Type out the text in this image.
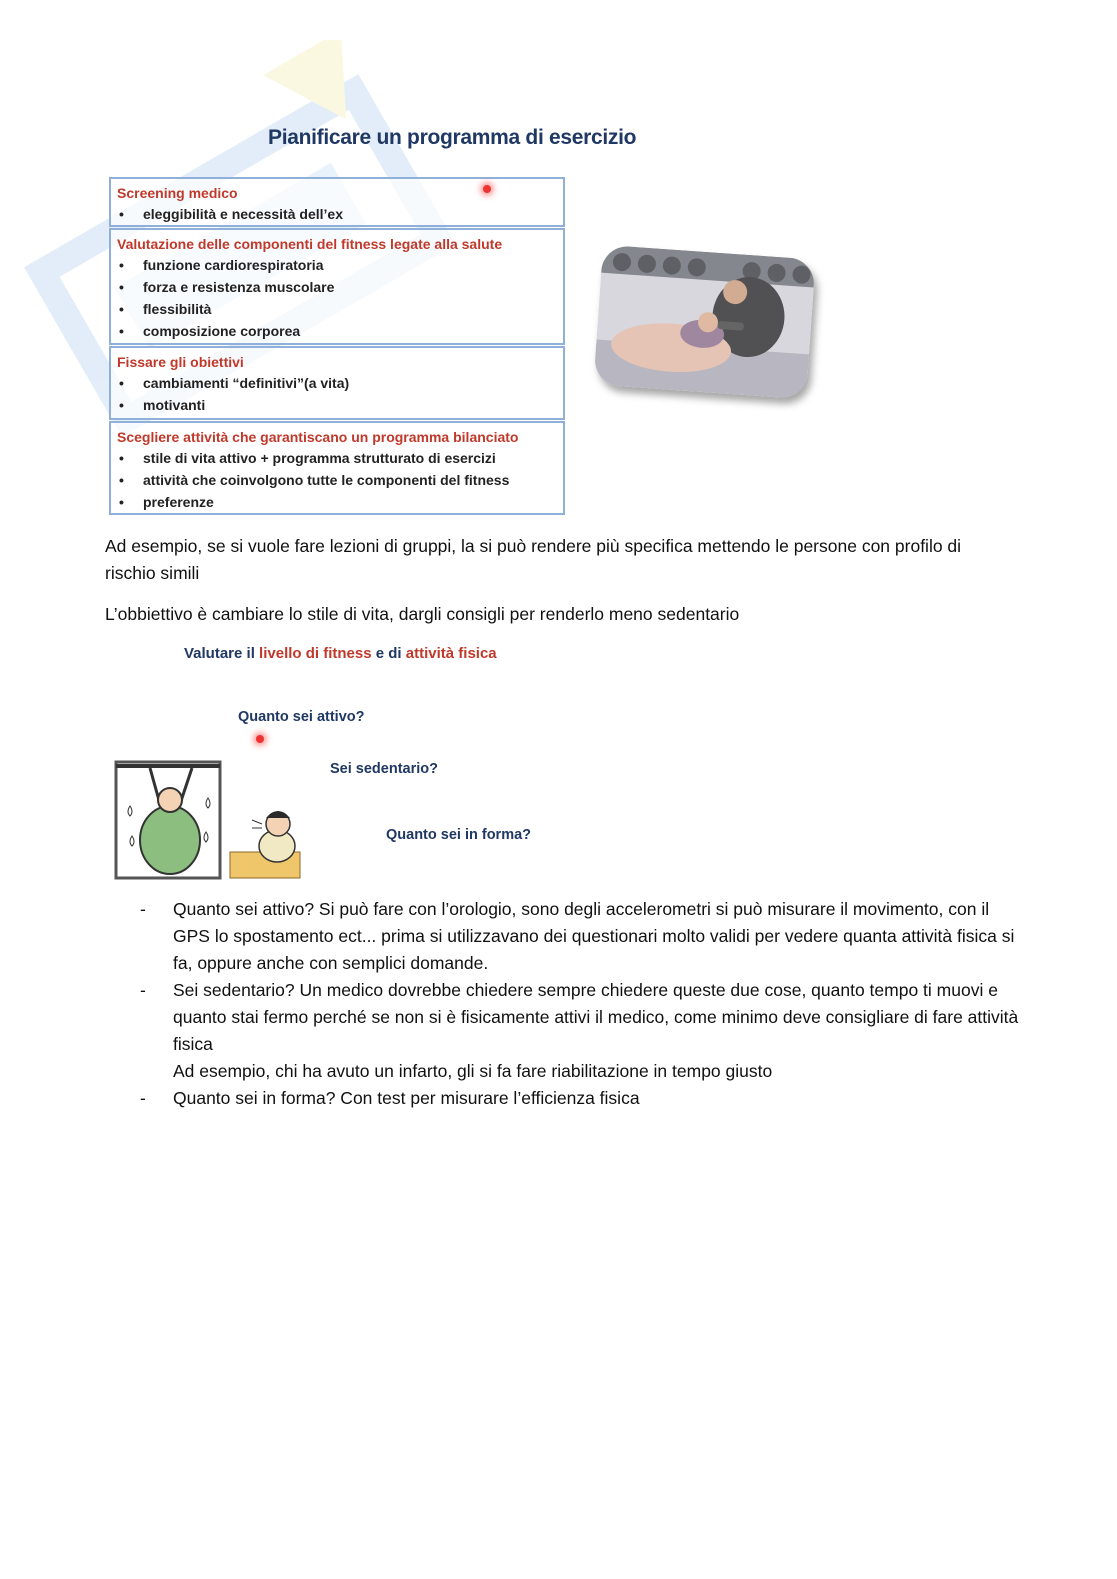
Pianificare un programma di esercizio
Screening medico
• eleggibilità e necessità dell’ex
Valutazione delle componenti del fitness legate alla salute
• funzione cardiorespiratoria
• forza e resistenza muscolare
• flessibilità
• composizione corporea
Fissare gli obiettivi
• cambiamenti “definitivi”(a vita)
• motivanti
Scegliere attività che garantiscano un programma bilanciato
• stile di vita attivo + programma strutturato di esercizi
• attività che coinvolgono tutte le componenti del fitness
• preferenze
Ad esempio, se si vuole fare lezioni di gruppi, la si può rendere più specifica mettendo le persone con profilo di rischio simili
L’obbiettivo è cambiare lo stile di vita, dargli consigli per renderlo meno sedentario
Valutare il livello di fitness e di attività fisica
Quanto sei attivo?
Sei sedentario?
Quanto sei in forma?
- Quanto sei attivo? Si può fare con l’orologio, sono degli accelerometri si può misurare il movimento, con il GPS lo spostamento ect... prima si utilizzavano dei questionari molto validi per vedere quanta attività fisica si fa, oppure anche con semplici domande.
- Sei sedentario? Un medico dovrebbe chiedere sempre chiedere queste due cose, quanto tempo ti muovi e quanto stai fermo perché se non si è fisicamente attivi il medico, come minimo deve consigliare di fare attività fisica
Ad esempio, chi ha avuto un infarto, gli si fa fare riabilitazione in tempo giusto
- Quanto sei in forma? Con test per misurare l’efficienza fisica
